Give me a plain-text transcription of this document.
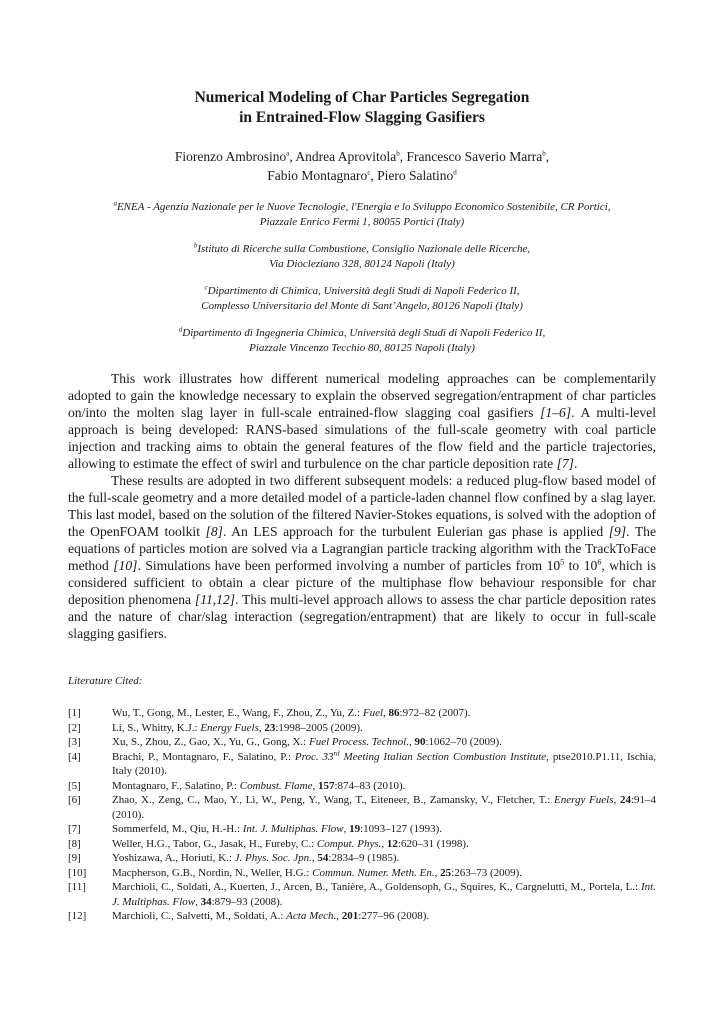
Numerical Modeling of Char Particles Segregation
in Entrained-Flow Slagging Gasifiers
Fiorenzo Ambrosino$^a$, Andrea Aprovitola$^b$, Francesco Saverio Marra$^b$,
Fabio Montagnaro$^c$, Piero Salatino$^d$
$^a$ENEA - Agenzia Nazionale per le Nuove Tecnologie, l'Energia e lo Sviluppo Economico Sostenibile, CR Portici,
Piazzale Enrico Fermi 1, 80055 Portici (Italy)
$^b$Istituto di Ricerche sulla Combustione, Consiglio Nazionale delle Ricerche,
Via Diocleziano 328, 80124 Napoli (Italy)
$^c$Dipartimento di Chimica, Università degli Studi di Napoli Federico II,
Complesso Universitario del Monte di Sant’Angelo, 80126 Napoli (Italy)
$^d$Dipartimento di Ingegneria Chimica, Università degli Studi di Napoli Federico II,
Piazzale Vincenzo Tecchio 80, 80125 Napoli (Italy)

This work illustrates how different numerical modeling approaches can be complementarily adopted to gain the knowledge necessary to explain the observed segregation/entrapment of char particles on/into the molten slag layer in full-scale entrained-flow slagging coal gasifiers [1–6]. A multi-level approach is being developed: RANS-based simulations of the full-scale geometry with coal particle injection and tracking aims to obtain the general features of the flow field and the particle trajectories, allowing to estimate the effect of swirl and turbulence on the char particle deposition rate [7].

These results are adopted in two different subsequent models: a reduced plug-flow based model of the full-scale geometry and a more detailed model of a particle-laden channel flow confined by a slag layer. This last model, based on the solution of the filtered Navier-Stokes equations, is solved with the adoption of the OpenFOAM toolkit [8]. An LES approach for the turbulent Eulerian gas phase is applied [9]. The equations of particles motion are solved via a Lagrangian particle tracking algorithm with the TrackToFace method [10]. Simulations have been performed involving a number of particles from $10^5$ to $10^6$, which is considered sufficient to obtain a clear picture of the multiphase flow behaviour responsible for char deposition phenomena [11,12]. This multi-level approach allows to assess the char particle deposition rates and the nature of char/slag interaction (segregation/entrapment) that are likely to occur in full-scale slagging gasifiers.

Literature Cited:
[1]	Wu, T., Gong, M., Lester, E., Wang, F., Zhou, Z., Yu, Z.: Fuel, 86:972–82 (2007).
[2]	Li, S., Whitty, K.J.: Energy Fuels, 23:1998–2005 (2009).
[3]	Xu, S., Zhou, Z., Gao, X., Yu, G., Gong, X.: Fuel Process. Technol., 90:1062–70 (2009).
[4]	Brachi, P., Montagnaro, F., Salatino, P.: Proc. 33rd Meeting Italian Section Combustion Institute, ptse2010.P1.11, Ischia, Italy (2010).
[5]	Montagnaro, F., Salatino, P.: Combust. Flame, 157:874–83 (2010).
[6]	Zhao, X., Zeng, C., Mao, Y., Li, W., Peng, Y., Wang, T., Eiteneer, B., Zamansky, V., Fletcher, T.: Energy Fuels, 24:91–4 (2010).
[7]	Sommerfeld, M., Qiu, H.-H.: Int. J. Multiphas. Flow, 19:1093–127 (1993).
[8]	Weller, H.G., Tabor, G., Jasak, H., Fureby, C.: Comput. Phys., 12:620–31 (1998).
[9]	Yoshizawa, A., Horiuti, K.: J. Phys. Soc. Jpn., 54:2834–9 (1985).
[10]	Macpherson, G.B., Nordin, N., Weller, H.G.: Commun. Numer. Meth. En., 25:263–73 (2009).
[11]	Marchioli, C., Soldati, A., Kuerten, J., Arcen, B., Tanière, A., Goldensoph, G., Squires, K., Cargnelutti, M., Portela, L.: Int. J. Multiphas. Flow, 34:879–93 (2008).
[12]	Marchioli, C., Salvetti, M., Soldati, A.: Acta Mech., 201:277–96 (2008).
